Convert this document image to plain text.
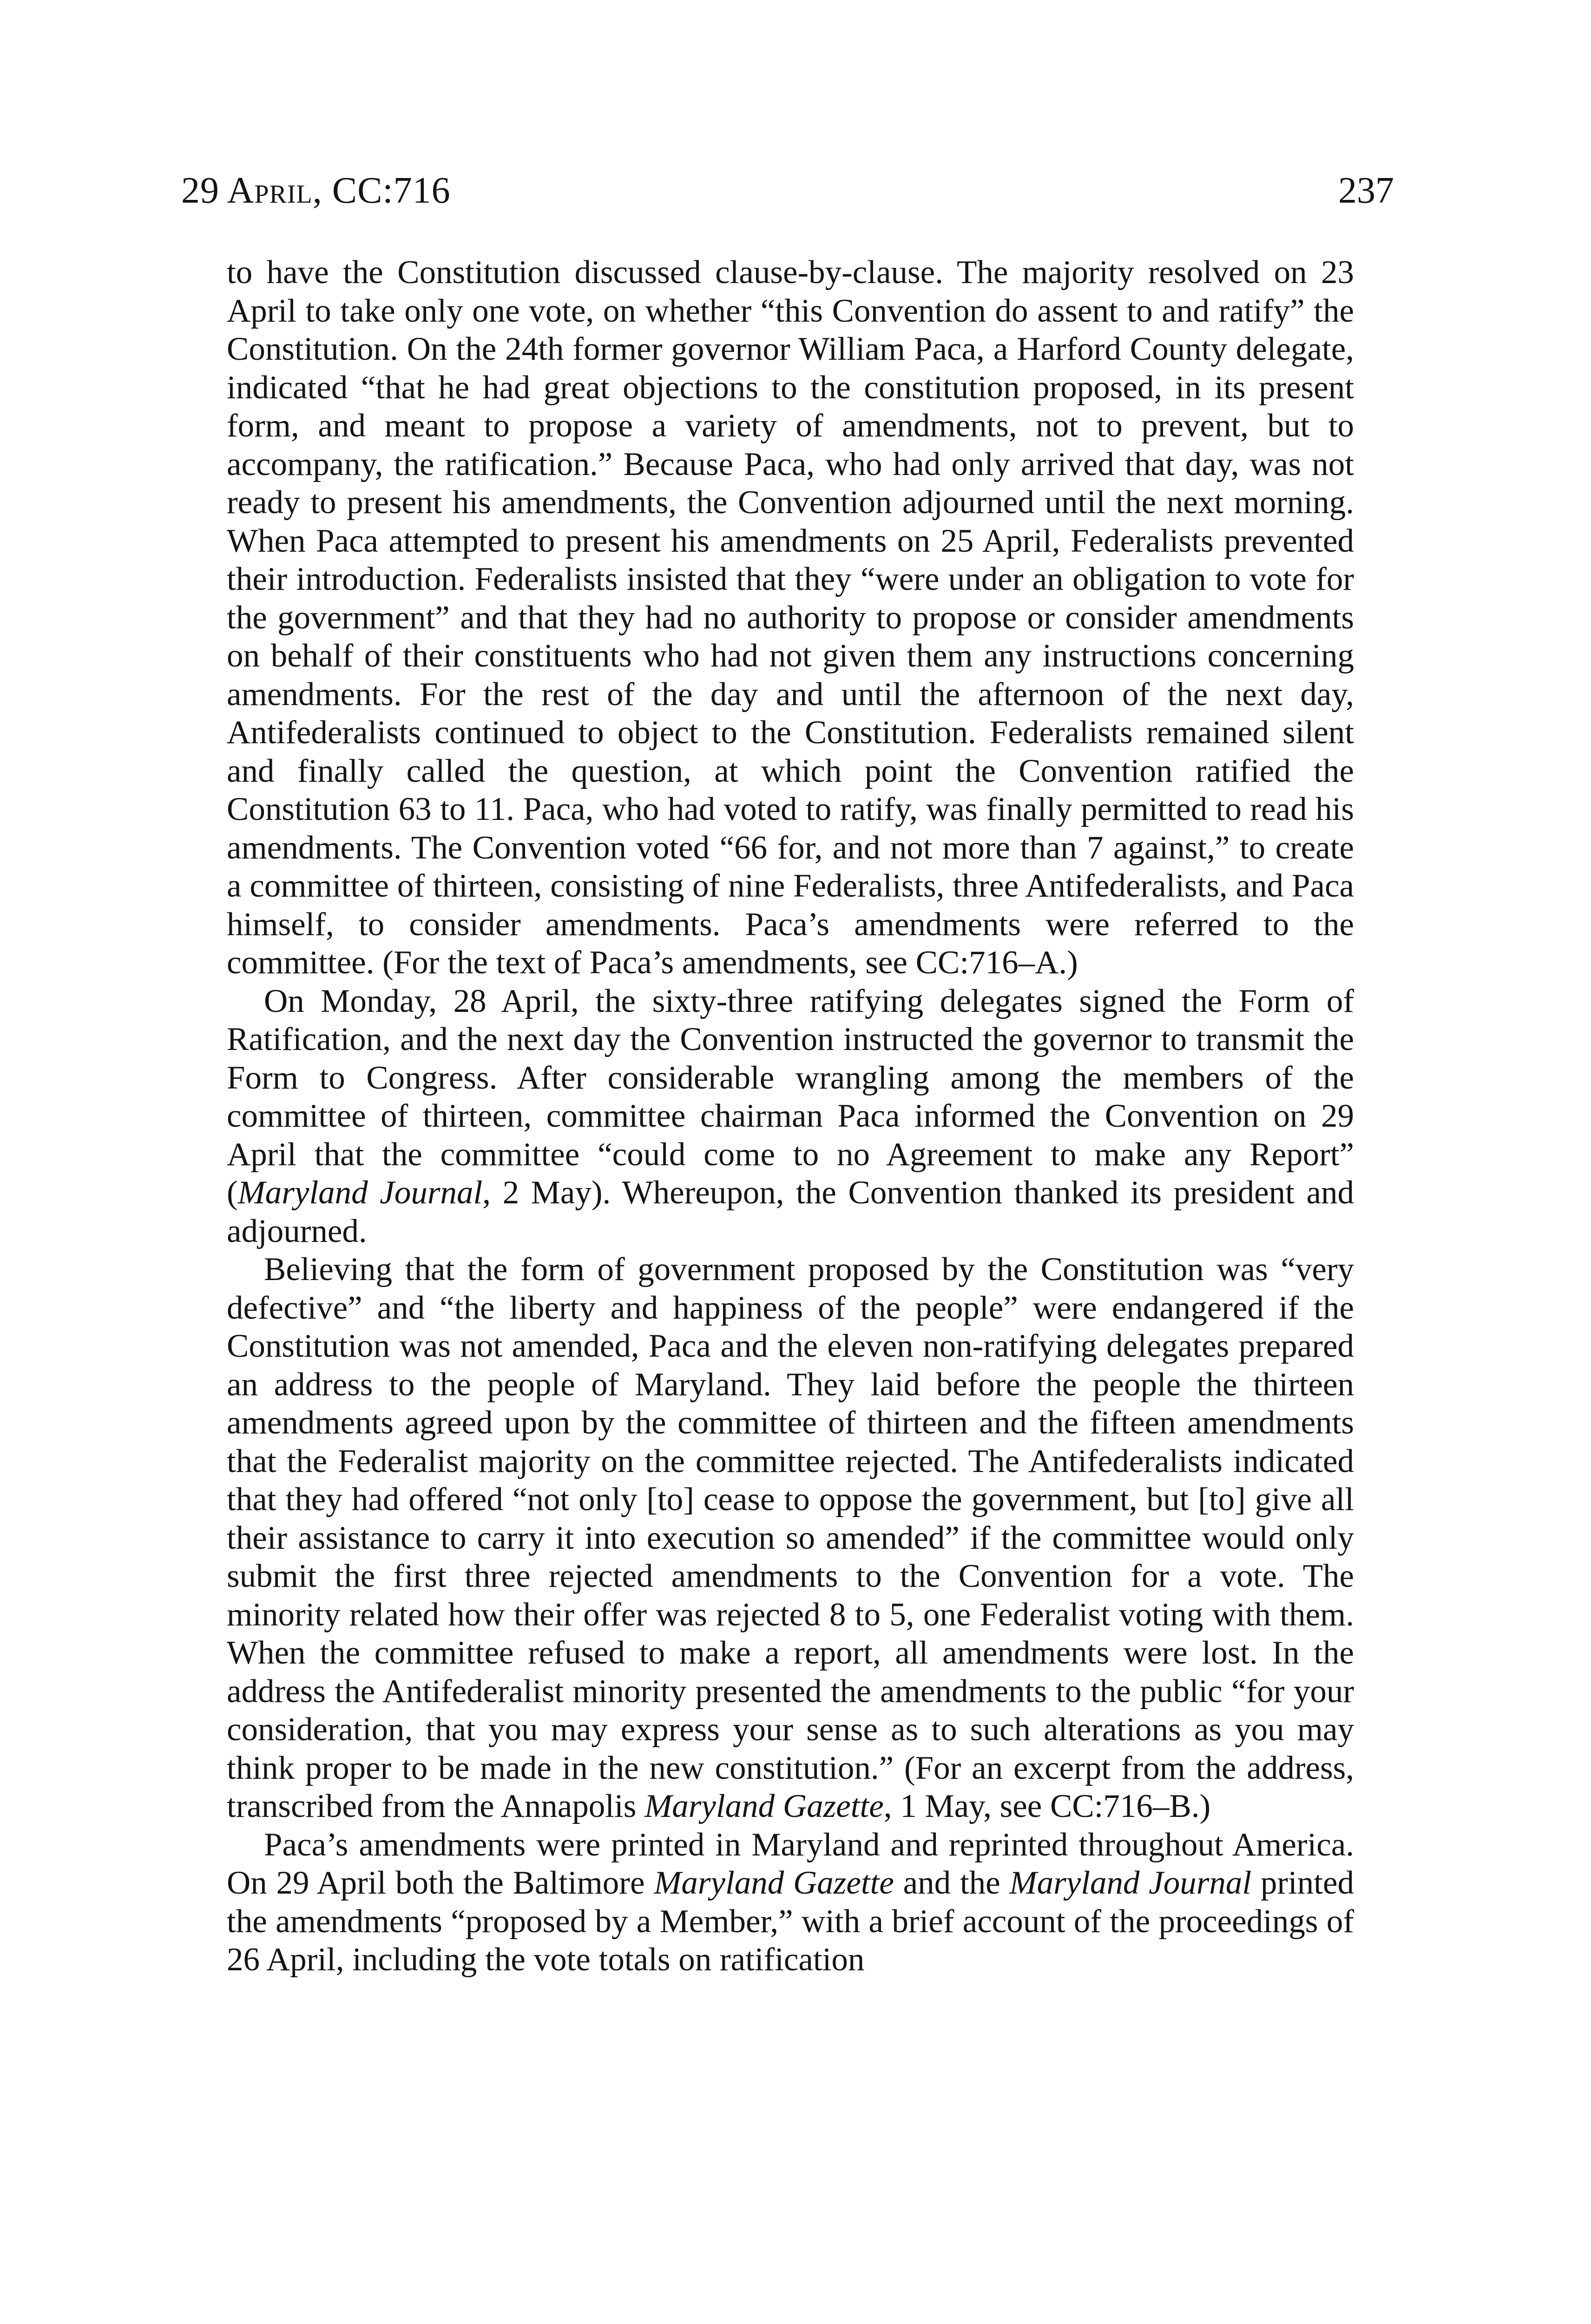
29 April, CC:716	237

to have the Constitution discussed clause-by-clause. The majority resolved on 23 April to take only one vote, on whether “this Convention do assent to and ratify” the Constitution. On the 24th former governor William Paca, a Harford County delegate, indicated “that he had great objections to the constitution proposed, in its present form, and meant to propose a variety of amendments, not to prevent, but to accompany, the ratification.” Because Paca, who had only arrived that day, was not ready to present his amendments, the Convention adjourned until the next morning. When Paca attempted to present his amendments on 25 April, Federalists prevented their introduction. Federalists insisted that they “were under an obligation to vote for the government” and that they had no authority to propose or consider amendments on behalf of their constituents who had not given them any instructions concerning amendments. For the rest of the day and until the afternoon of the next day, Antifederalists continued to object to the Constitution. Federalists remained silent and finally called the question, at which point the Convention ratified the Constitution 63 to 11. Paca, who had voted to ratify, was finally permitted to read his amendments. The Convention voted “66 for, and not more than 7 against,” to create a committee of thirteen, consisting of nine Federalists, three Antifederalists, and Paca himself, to consider amendments. Paca’s amendments were referred to the committee. (For the text of Paca’s amendments, see CC:716–A.)

On Monday, 28 April, the sixty-three ratifying delegates signed the Form of Ratification, and the next day the Convention instructed the governor to transmit the Form to Congress. After considerable wrangling among the members of the committee of thirteen, committee chairman Paca informed the Convention on 29 April that the committee “could come to no Agreement to make any Report” (Maryland Journal, 2 May). Whereupon, the Convention thanked its president and adjourned.

Believing that the form of government proposed by the Constitution was “very defective” and “the liberty and happiness of the people” were endangered if the Constitution was not amended, Paca and the eleven non-ratifying delegates prepared an address to the people of Maryland. They laid before the people the thirteen amendments agreed upon by the committee of thirteen and the fifteen amendments that the Federalist majority on the committee rejected. The Antifederalists indicated that they had offered “not only [to] cease to oppose the government, but [to] give all their assistance to carry it into execution so amended” if the committee would only submit the first three rejected amendments to the Convention for a vote. The minority related how their offer was rejected 8 to 5, one Federalist voting with them. When the committee refused to make a report, all amendments were lost. In the address the Antifederalist minority presented the amendments to the public “for your consideration, that you may express your sense as to such alterations as you may think proper to be made in the new constitution.” (For an excerpt from the address, transcribed from the Annapolis Maryland Gazette, 1 May, see CC:716–B.)

Paca’s amendments were printed in Maryland and reprinted throughout America. On 29 April both the Baltimore Maryland Gazette and the Maryland Journal printed the amendments “proposed by a Member,” with a brief account of the proceedings of 26 April, including the vote totals on ratification
